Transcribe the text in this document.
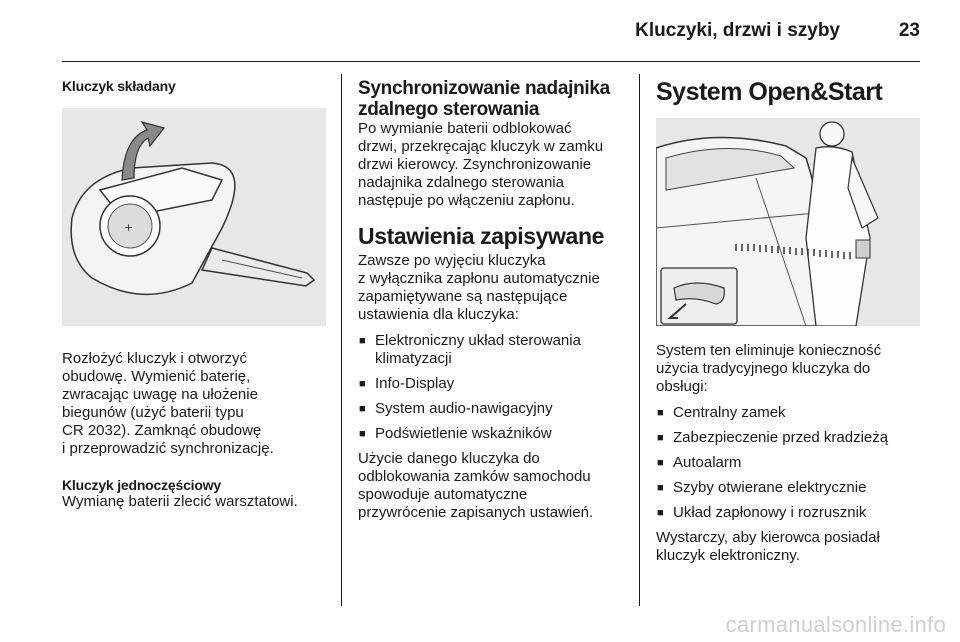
Kluczyki, drzwi i szyby	23
Kluczyk składany
+

Rozłożyć kluczyk i otworzyć

obudowę. Wymienić baterię,

zwracając uwagę na ułożenie

biegunów (użyć baterii typu

CR 2032). Zamknąć obudowę

i przeprowadzić synchronizację.

Kluczyk jednoczęściowy

Wymianę baterii zlecić warsztatowi.

Synchronizowanie nadajnika
zdalnego sterowania

Po wymianie baterii odblokować

drzwi, przekręcając kluczyk w zamku

drzwi kierowcy. Zsynchronizowanie

nadajnika zdalnego sterowania

następuje po włączeniu zapłonu.

Ustawienia zapisywane

Zawsze po wyjęciu kluczyka

z wyłącznika zapłonu automatycznie

zapamiętywane są następujące

ustawienia dla kluczyka:

■ Elektroniczny układ sterowania
klimatyzacji
■ Info-Display
■ System audio-nawigacyjny
■ Podświetlenie wskaźników

Użycie danego kluczyka do

odblokowania zamków samochodu

spowoduje automatyczne

przywrócenie zapisanych ustawień.

System Open&Start

System ten eliminuje konieczność

użycia tradycyjnego kluczyka do

obsługi:

■ Centralny zamek
■ Zabezpieczenie przed kradzieżą
■ Autoalarm
■ Szyby otwierane elektrycznie
■ Układ zapłonowy i rozrusznik

Wystarczy, aby kierowca posiadał

kluczyk elektroniczny.

carmanualsonline.info
